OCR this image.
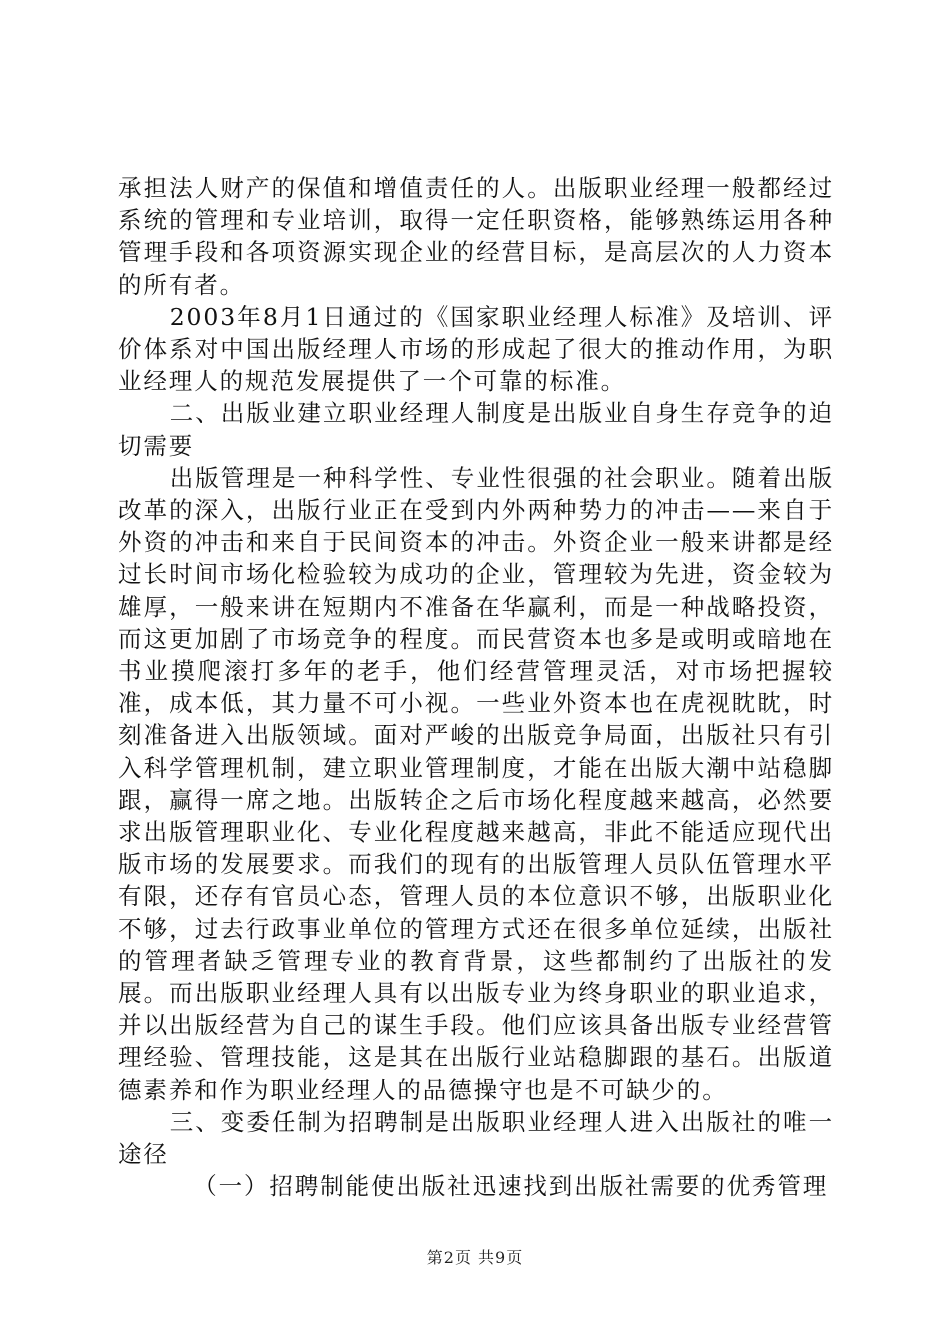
承担法人财产的保值和增值责任的人。出版职业经理一般都经过系统的管理和专业培训，取得一定任职资格，能够熟练运用各种管理手段和各项资源实现企业的经营目标，是高层次的人力资本的所有者。

2003年8月1日通过的《国家职业经理人标准》及培训、评价体系对中国出版经理人市场的形成起了很大的推动作用，为职业经理人的规范发展提供了一个可靠的标准。

二、出版业建立职业经理人制度是出版业自身生存竞争的迫切需要

出版管理是一种科学性、专业性很强的社会职业。随着出版改革的深入，出版行业正在受到内外两种势力的冲击——来自于外资的冲击和来自于民间资本的冲击。外资企业一般来讲都是经过长时间市场化检验较为成功的企业，管理较为先进，资金较为雄厚，一般来讲在短期内不准备在华赢利，而是一种战略投资，而这更加剧了市场竞争的程度。而民营资本也多是或明或暗地在书业摸爬滚打多年的老手，他们经营管理灵活，对市场把握较准，成本低，其力量不可小视。一些业外资本也在虎视眈眈，时刻准备进入出版领域。面对严峻的出版竞争局面，出版社只有引入科学管理机制，建立职业管理制度，才能在出版大潮中站稳脚跟，赢得一席之地。出版转企之后市场化程度越来越高，必然要求出版管理职业化、专业化程度越来越高，非此不能适应现代出版市场的发展要求。而我们的现有的出版管理人员队伍管理水平有限，还存有官员心态，管理人员的本位意识不够，出版职业化不够，过去行政事业单位的管理方式还在很多单位延续，出版社的管理者缺乏管理专业的教育背景，这些都制约了出版社的发展。而出版职业经理人具有以出版专业为终身职业的职业追求，并以出版经营为自己的谋生手段。他们应该具备出版专业经营管理经验、管理技能，这是其在出版行业站稳脚跟的基石。出版道德素养和作为职业经理人的品德操守也是不可缺少的。

三、变委任制为招聘制是出版职业经理人进入出版社的唯一途径

（一）招聘制能使出版社迅速找到出版社需要的优秀管理

第2页 共9页
